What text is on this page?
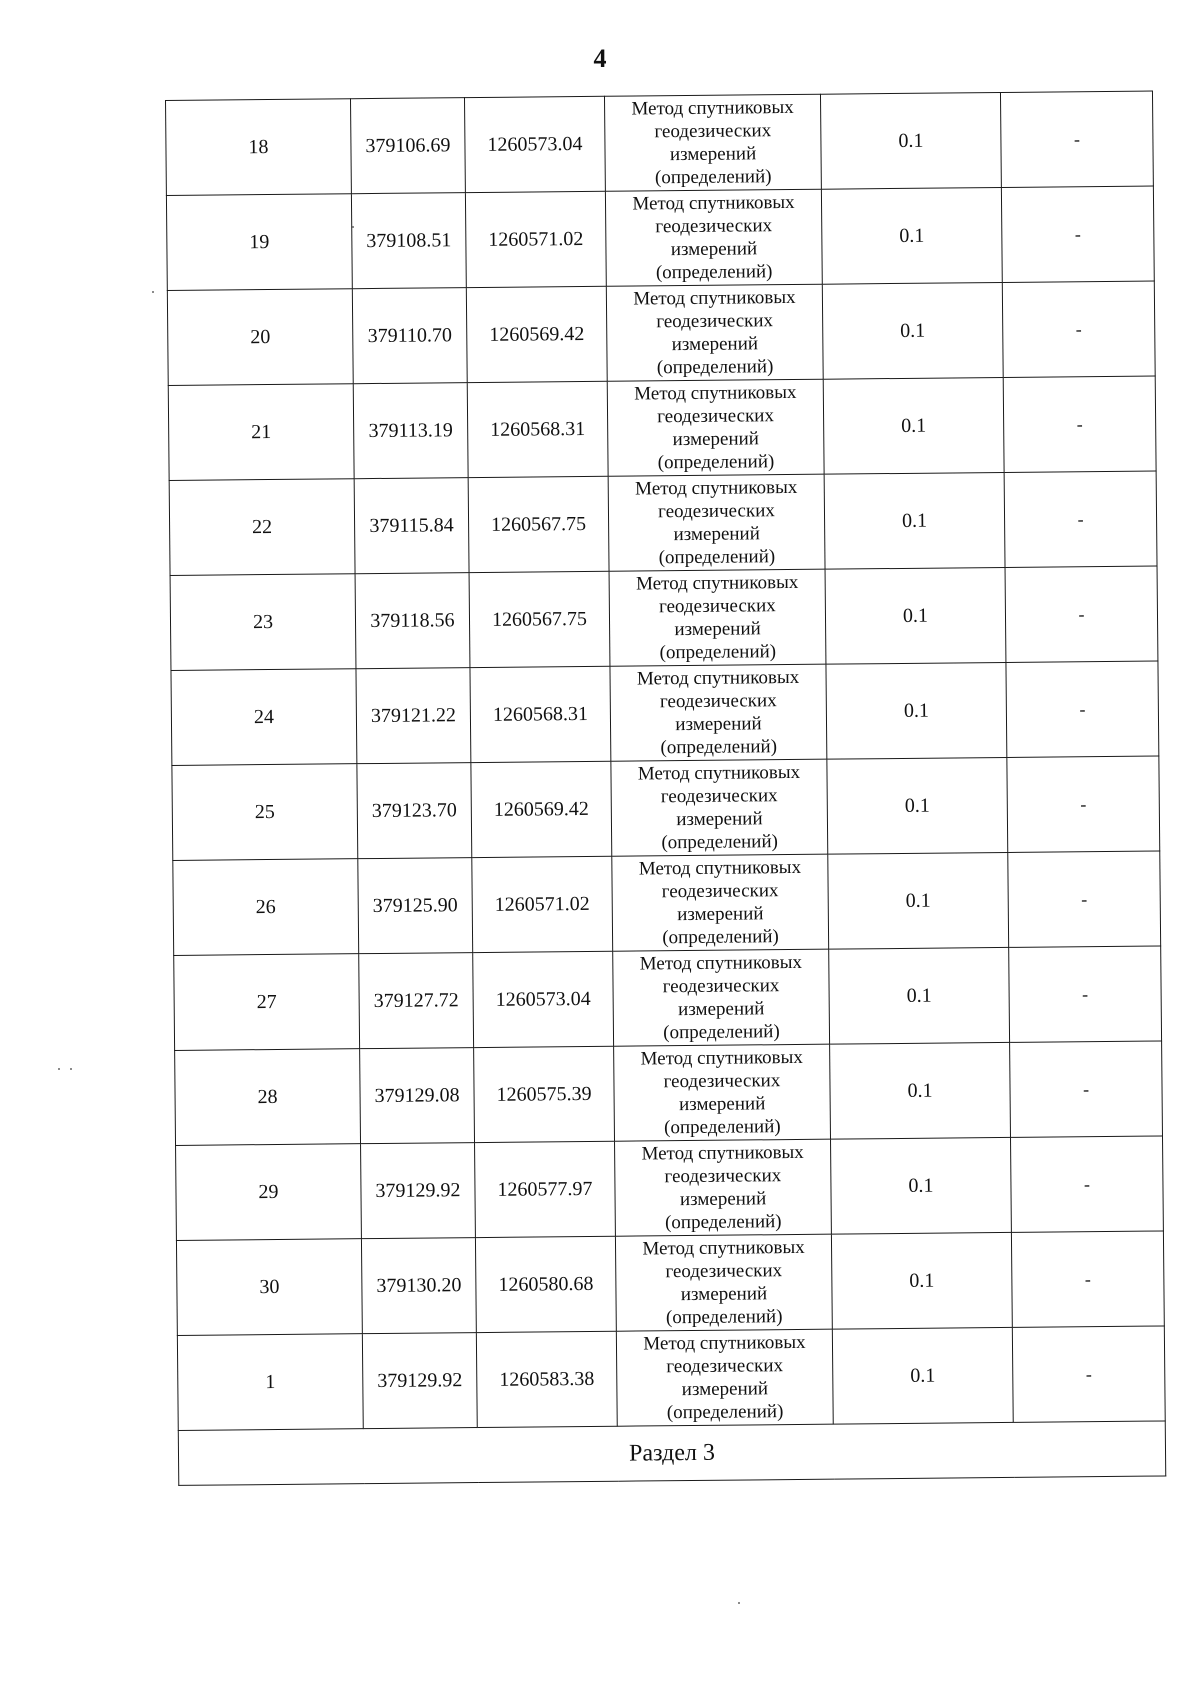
4
18	379106.69	1260573.04	Метод спутниковых
геодезических
измерений
(определений)	0.1	-
19	379108.51	1260571.02	Метод спутниковых
геодезических
измерений
(определений)	0.1	-
20	379110.70	1260569.42	Метод спутниковых
геодезических
измерений
(определений)	0.1	-
21	379113.19	1260568.31	Метод спутниковых
геодезических
измерений
(определений)	0.1	-
22	379115.84	1260567.75	Метод спутниковых
геодезических
измерений
(определений)	0.1	-
23	379118.56	1260567.75	Метод спутниковых
геодезических
измерений
(определений)	0.1	-
24	379121.22	1260568.31	Метод спутниковых
геодезических
измерений
(определений)	0.1	-
25	379123.70	1260569.42	Метод спутниковых
геодезических
измерений
(определений)	0.1	-
26	379125.90	1260571.02	Метод спутниковых
геодезических
измерений
(определений)	0.1	-
27	379127.72	1260573.04	Метод спутниковых
геодезических
измерений
(определений)	0.1	-
28	379129.08	1260575.39	Метод спутниковых
геодезических
измерений
(определений)	0.1	-
29	379129.92	1260577.97	Метод спутниковых
геодезических
измерений
(определений)	0.1	-
30	379130.20	1260580.68	Метод спутниковых
геодезических
измерений
(определений)	0.1	-
1	379129.92	1260583.38	Метод спутниковых
геодезических
измерений
(определений)	0.1	-
Раздел 3					
